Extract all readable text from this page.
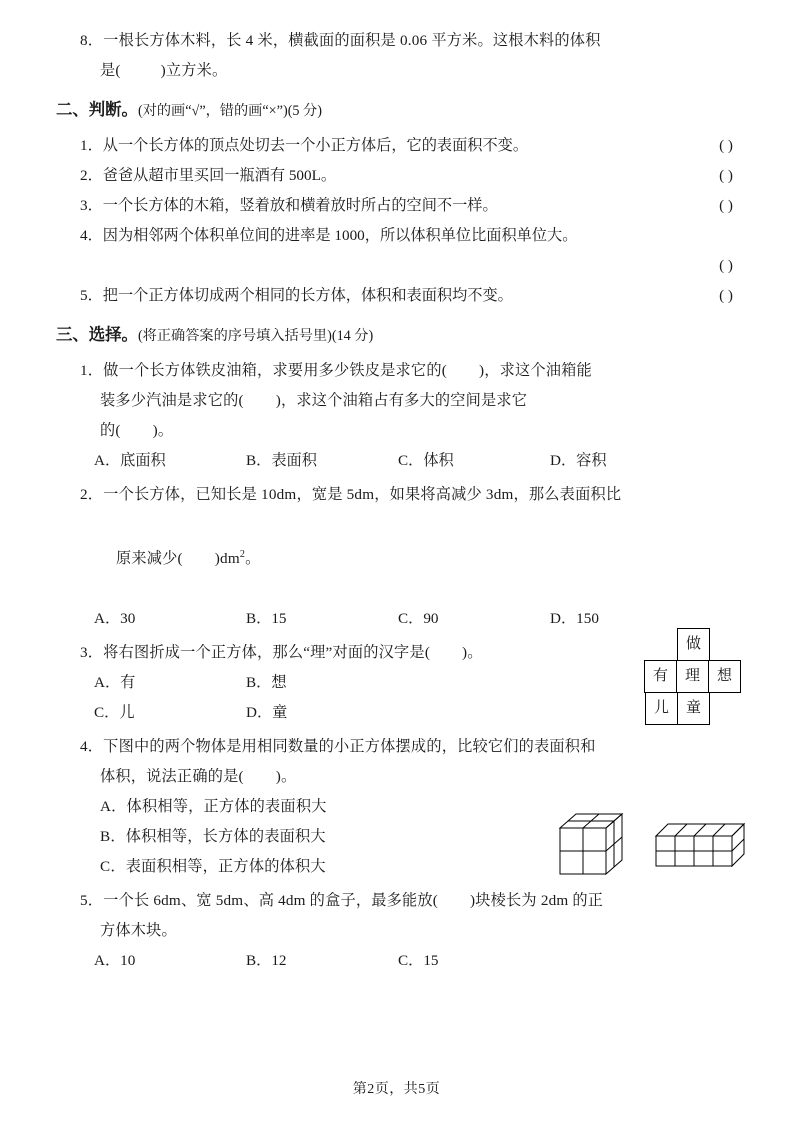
8．一根长方体木料，长 4 米，横截面的面积是 0.06 平方米。这根木料的体积
是(          )立方米。
二、判断。(对的画“√”，错的画“×”)(5 分)
1．从一个长方体的顶点处切去一个小正方体后，它的表面积不变。	( )
2．爸爸从超市里买回一瓶酒有 500L。	( )
3．一个长方体的木箱，竖着放和横着放时所占的空间不一样。	( )
4．因为相邻两个体积单位间的进率是 1000，所以体积单位比面积单位大。
( )
5．把一个正方体切成两个相同的长方体，体积和表面积均不变。	( )
三、选择。(将正确答案的序号填入括号里)(14 分)
1．做一个长方体铁皮油箱，求要用多少铁皮是求它的(        )，求这个油箱能
装多少汽油是求它的(        )，求这个油箱占有多大的空间是求它
的(        )。
A．底面积	B．表面积	C．体积	D．容积
2．一个长方体，已知长是 10dm，宽是 5dm，如果将高减少 3dm，那么表面积比

原来减少(        )$dm^2$。

A．30	B．15	C．90	D．150
3．将右图折成一个正方体，那么“理”对面的汉字是(        )。
A．有	B．想
C．儿	D．童
做
有	理	想
儿	童
4．下图中的两个物体是用相同数量的小正方体摆成的，比较它们的表面积和
体积，说法正确的是(        )。
A．体积相等，正方体的表面积大
B．体积相等，长方体的表面积大
C．表面积相等，正方体的体积大
5．一个长 6dm、宽 5dm、高 4dm 的盒子，最多能放(        )块棱长为 2dm 的正
方体木块。
A．10	B．12	C．15
第2页，共5页
